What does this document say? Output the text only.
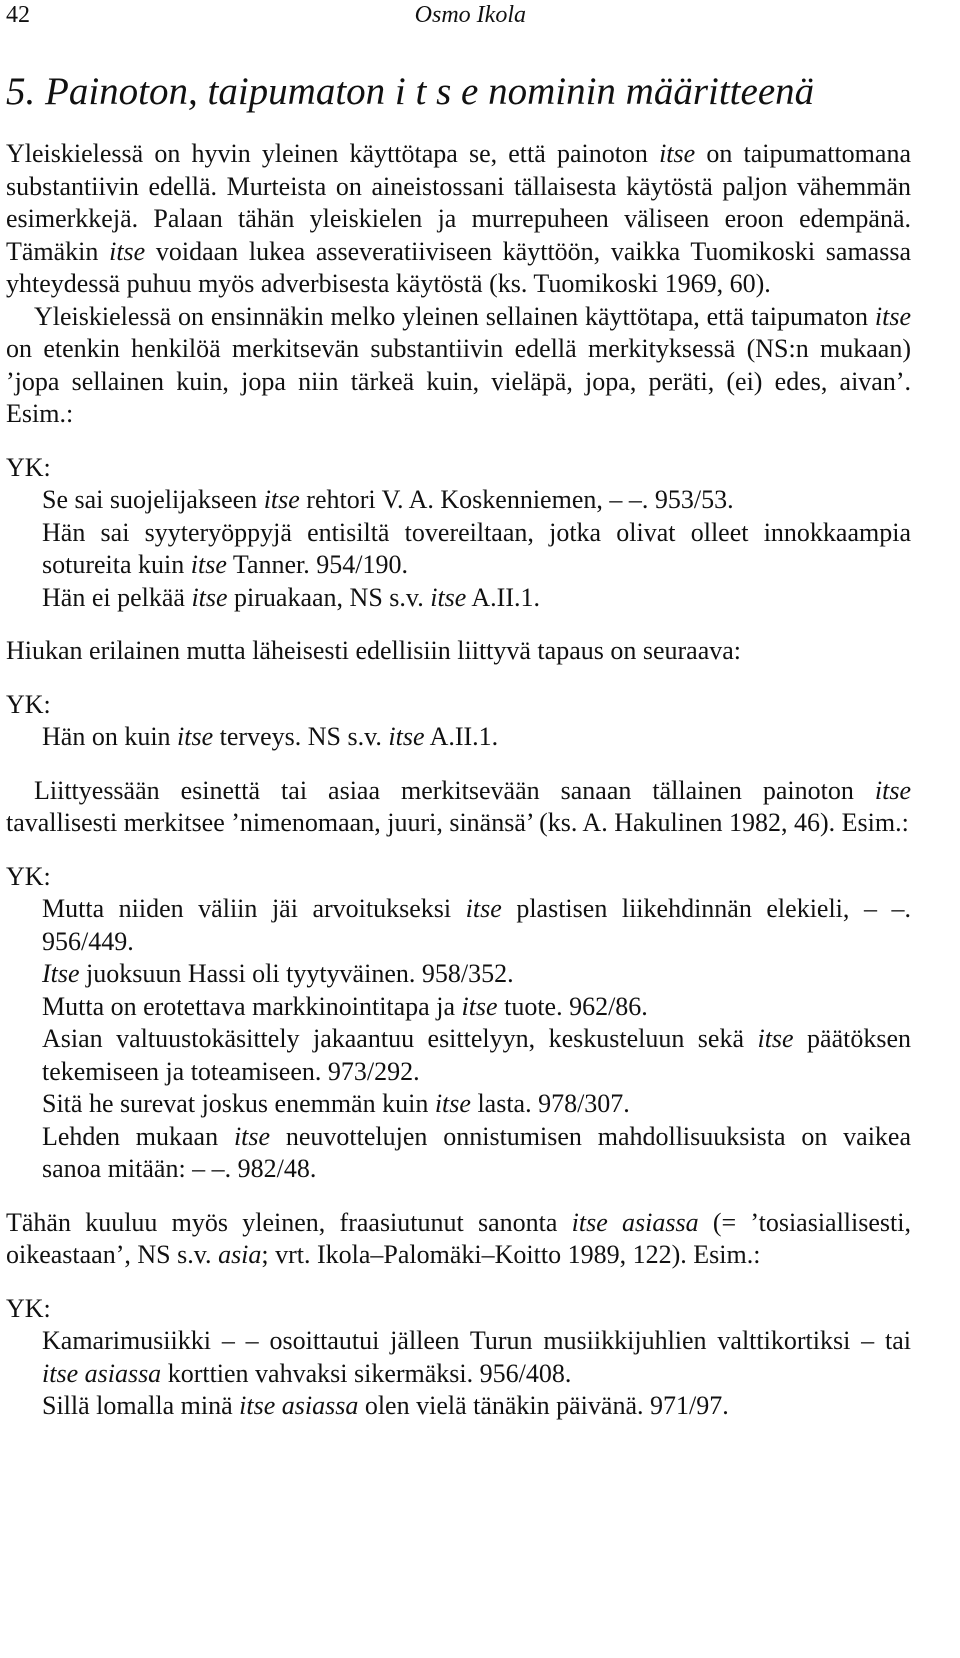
42	Osmo Ikola
5. Painoton, taipumaton i t s e nominin määritteenä

Yleiskielessä on hyvin yleinen käyttötapa se, että painoton itse on taipumattomana substantiivin edellä. Murteista on aineistossani tällaisesta käytöstä paljon vähemmän esimerkkejä. Palaan tähän yleiskielen ja murrepuheen väliseen eroon edempänä. Tämäkin itse voidaan lukea asseveratiiviseen käyttöön, vaikka Tuomikoski samassa yhteydessä puhuu myös adverbisesta käytöstä (ks. Tuomikoski 1969, 60).

Yleiskielessä on ensinnäkin melko yleinen sellainen käyttötapa, että taipumaton itse on etenkin henkilöä merkitsevän substantiivin edellä merkityksessä (NS:n mukaan) ’jopa sellainen kuin, jopa niin tärkeä kuin, vieläpä, jopa, peräti, (ei) edes, aivan’. Esim.:

YK:
Se sai suojelijakseen itse rehtori V. A. Koskenniemen, – –. 953/53.
Hän sai syyteryöppyjä entisiltä tovereiltaan, jotka olivat olleet innokkaampia sotureita kuin itse Tanner. 954/190.
Hän ei pelkää itse piruakaan, NS s.v. itse A.II.1.

Hiukan erilainen mutta läheisesti edellisiin liittyvä tapaus on seuraava:

YK:
Hän on kuin itse terveys. NS s.v. itse A.II.1.

Liittyessään esinettä tai asiaa merkitsevään sanaan tällainen painoton itse tavallisesti merkitsee ’nimenomaan, juuri, sinänsä’ (ks. A. Hakulinen 1982, 46). Esim.:

YK:
Mutta niiden väliin jäi arvoitukseksi itse plastisen liikehdinnän elekieli, – –. 956/449.
Itse juoksuun Hassi oli tyytyväinen. 958/352.
Mutta on erotettava markkinointitapa ja itse tuote. 962/86.
Asian valtuustokäsittely jakaantuu esittelyyn, keskusteluun sekä itse päätöksen tekemiseen ja toteamiseen. 973/292.
Sitä he surevat joskus enemmän kuin itse lasta. 978/307.
Lehden mukaan itse neuvottelujen onnistumisen mahdollisuuksista on vaikea sanoa mitään: – –. 982/48.

Tähän kuuluu myös yleinen, fraasiutunut sanonta itse asiassa (= ’tosiasiallisesti, oikeastaan’, NS s.v. asia; vrt. Ikola–Palomäki–Koitto 1989, 122). Esim.:

YK:
Kamarimusiikki – – osoittautui jälleen Turun musiikkijuhlien valttikortiksi – tai itse asiassa korttien vahvaksi sikermäksi. 956/408.
Sillä lomalla minä itse asiassa olen vielä tänäkin päivänä. 971/97.
